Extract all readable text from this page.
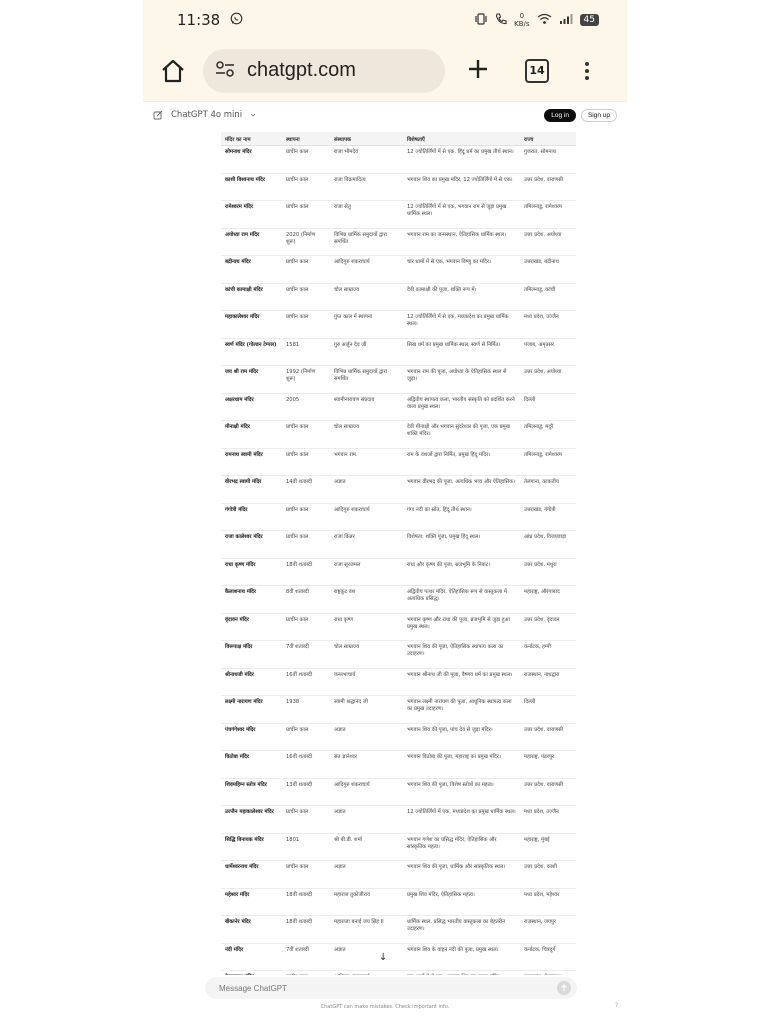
11:38	0
KB/s	45
chatgpt.com
14
ChatGPT 4o mini	Log in	Sign up
मंदिर का नाम	स्थापना	संस्थापक	विशेषताएँ	राज्य
सोमनाथ मंदिर	प्राचीन काल	राजा भीमदेव	12 ज्योतिर्लिंगों में से एक, हिंदू धर्म का प्रमुख तीर्थ स्थान।	गुजरात, सोमनाथ
काशी विश्वनाथ मंदिर	प्राचीन काल	राजा विक्रमादित्य	भगवान शिव का प्रमुख मंदिर, 12 ज्योतिर्लिंगों में से एक।	उत्तर प्रदेश, वाराणसी
रामेश्वरम मंदिर	प्राचीन काल	राजा सेतु	12 ज्योतिर्लिंगों में से एक, भगवान राम से जुड़ा प्रमुख धार्मिक स्थल।	तमिलनाडु, रामेश्वरम
अयोध्या राम मंदिर	2020 (निर्माण शुरू)	विभिन्न धार्मिक समुदायों द्वारा समर्थित	भगवान राम का जन्मस्थान, ऐतिहासिक धार्मिक स्थल।	उत्तर प्रदेश, अयोध्या
बद्रीनाथ मंदिर	प्राचीन काल	आदिगुरु शंकराचार्य	चार धामों में से एक, भगवान विष्णु का मंदिर।	उत्तराखंड, बद्रीनाथ
कांची कामाक्षी मंदिर	प्राचीन काल	चोल साम्राज्य	देवी कामाक्षी की पूजा, शक्ति रूप में।	तमिलनाडु, कांची
महाकालेश्वर मंदिर	प्राचीन काल	गुप्त काल में स्थापना	12 ज्योतिर्लिंगों में से एक, मध्यप्रदेश का प्रमुख धार्मिक स्थल।	मध्य प्रदेश, उज्जैन
स्वर्ण मंदिर (गोल्डन टेम्पल)	1581	गुरु अर्जुन देव जी	सिख धर्म का प्रमुख धार्मिक स्थल, स्वर्ण से निर्मित।	पंजाब, अमृतसर
जय श्री राम मंदिर	1992 (निर्माण शुरू)	विभिन्न धार्मिक समुदायों द्वारा समर्थित	भगवान राम की पूजा, अयोध्या के ऐतिहासिक स्थल से जुड़ा।	उत्तर प्रदेश, अयोध्या
अक्षरधाम मंदिर	2005	स्वामीनारायण संप्रदाय	अद्वितीय स्थापत्य कला, भारतीय संस्कृति को प्रदर्शित करने वाला प्रमुख स्थल।	दिल्ली
मीनाक्षी मंदिर	प्राचीन काल	चोल साम्राज्य	देवी मीनाक्षी और भगवान सुंदरेश्वर की पूजा, एक प्रमुख शक्ति मंदिर।	तमिलनाडु, मदुरै
रामनाथ स्वामी मंदिर	प्राचीन काल	भगवान राम	राम के वंशजों द्वारा निर्मित, प्रमुख हिंदू मंदिर।	तमिलनाडु, रामेश्वरम
वीरभद्र स्वामी मंदिर	14वीं शताब्दी	अज्ञात	भगवान वीरभद्र की पूजा, अत्यधिक भव्य और ऐतिहासिक।	तेलंगाना, काकतीय
गंगोत्री मंदिर	प्राचीन काल	आदिगुरु शंकराचार्य	गंगा नदी का स्रोत, हिंदू तीर्थ स्थान।	उत्तराखंड, गंगोत्री
राजा कालेश्वर मंदिर	प्राचीन काल	राजा किन्नर	विशेषता: शक्ति पूजा, प्रमुख हिंदू स्थल।	आंध्र प्रदेश, विजयवाड़ा
राधा कृष्ण मंदिर	18वीं शताब्दी	राजा सूरजमल	राधा और कृष्ण की पूजा, ब्रजभूमि के निकट।	उत्तर प्रदेश, मथुरा
कैलाशनाथ मंदिर	8वीं शताब्दी	राष्ट्रकूट वंश	अद्वितीय पत्थर मंदिर, ऐतिहासिक रूप से वास्तुकला में अत्यधिक प्रसिद्ध।	महाराष्ट्र, औरंगाबाद
वृंदावन मंदिर	प्राचीन काल	राधा कृष्ण	भगवान कृष्ण और राधा की पूजा, ब्रजभूमि से जुड़ा हुआ प्रमुख स्थल।	उत्तर प्रदेश, वृंदावन
विरूपाक्ष मंदिर	7वीं शताब्दी	चोल साम्राज्य	भगवान शिव की पूजा, ऐतिहासिक स्थापत्य कला का उदाहरण।	कर्नाटक, हम्पी
श्रीनाथजी मंदिर	16वीं शताब्दी	वल्लभाचार्य	भगवान श्रीनाथ जी की पूजा, वैष्णव धर्म का प्रमुख स्थल।	राजस्थान, नाथद्वारा
लक्ष्मी नारायण मंदिर	1938	स्वामी श्रद्धानंद जी	भगवान लक्ष्मी नारायण की पूजा, आधुनिक स्थापत्य कला का प्रमुख उदाहरण।	दिल्ली
पंचगंगेश्वर मंदिर	प्राचीन काल	अज्ञात	भगवान शिव की पूजा, पांच देव से जुड़ा मंदिर।	उत्तर प्रदेश, वाराणसी
विठोबा मंदिर	16वीं शताब्दी	संत ज्ञानेश्वर	भगवान विठोबा की पूजा, महाराष्ट्र का प्रमुख मंदिर।	महाराष्ट्र, पंढरपुर
शिवमहिम्न स्तोत्र मंदिर	13वीं शताब्दी	आदिगुरु शंकराचार्य	भगवान शिव की पूजा, विशेष स्तोत्रों का महत्व।	उत्तर प्रदेश, वाराणसी
उज्जैन महाकालेश्वर मंदिर	प्राचीन काल	अज्ञात	12 ज्योतिर्लिंगों में एक, मध्यप्रदेश का प्रमुख धार्मिक स्थल।	मध्य प्रदेश, उज्जैन
सिद्धि विनायक मंदिर	1801	श्री बी.डी. शर्मा	भगवान गणेश का प्रसिद्ध मंदिर, ऐतिहासिक और सांस्कृतिक महत्व।	महाराष्ट्र, मुंबई
धार्मेश्वरनाथ मंदिर	प्राचीन काल	अज्ञात	भगवान शिव की पूजा, धार्मिक और सांस्कृतिक स्थल।	उत्तर प्रदेश, काशी
महेश्वर मंदिर	18वीं शताब्दी	महाराज तुकोजीराव	प्रमुख शिव मंदिर, ऐतिहासिक महत्व।	मध्य प्रदेश, महेश्वर
बीकानेर मंदिर	18वीं शताब्दी	महाराजा बनाई जय सिंह II	धार्मिक स्थल, प्रसिद्ध भारतीय वास्तुकला का बेहतरीन उदाहरण।	राजस्थान, जयपुर
नंदी मंदिर	7वीं शताब्दी	अज्ञात	भगवान शिव के वाहन नंदी की पूजा, प्रमुख स्थल।	कर्नाटक, चित्रदुर्ग

↓
Message ChatGPT
ChatGPT can make mistakes. Check important info.	?
